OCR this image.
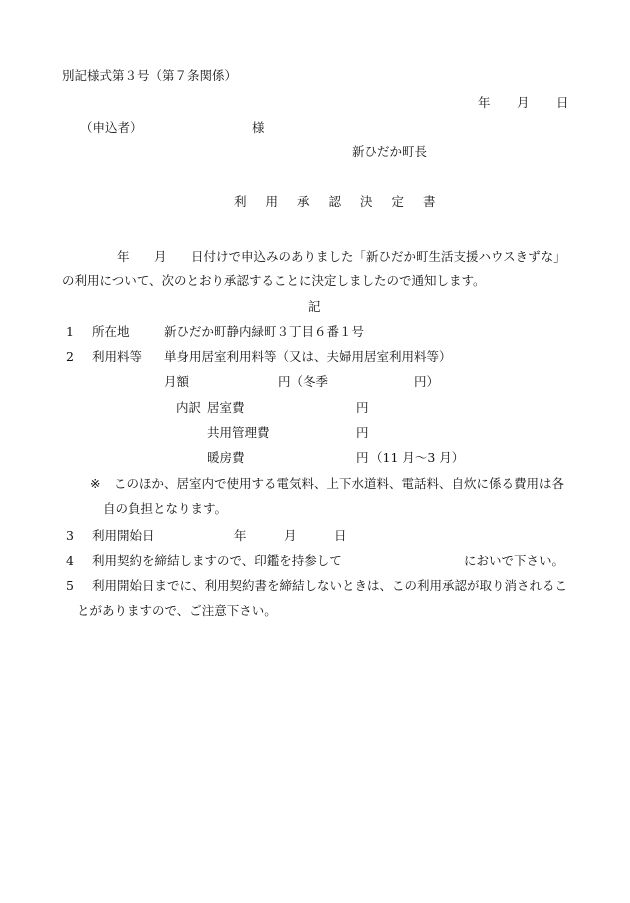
別記様式第３号（第７条関係）
年 月 日
（申込者）	様
新ひだか町長
利 用 承 認 決 定 書
年 月 日付けで申込みのありました「新ひだか町生活支援ハウスきずな」
の利用について、次のとおり承認することに決定しましたので通知します。
記
1 所在地	新ひだか町静内緑町３丁目６番１号
2 利用料等 単身用居室利用料等（又は、夫婦用居室利用料等）
月額	円（冬季	円）
内訳 居室費	円
共用管理費	円
暖房費	円 （11 月～3 月）
※ このほか、居室内で使用する電気料、上下水道料、電話料、自炊に係る費用は各
自の負担となります。
3 利用開始日	年	月	日
4 利用契約を締結しますので、印鑑を持参して	においで下さい。
5 利用開始日までに、利用契約書を締結しないときは、この利用承認が取り消されるこ
とがありますので、ご注意下さい。
